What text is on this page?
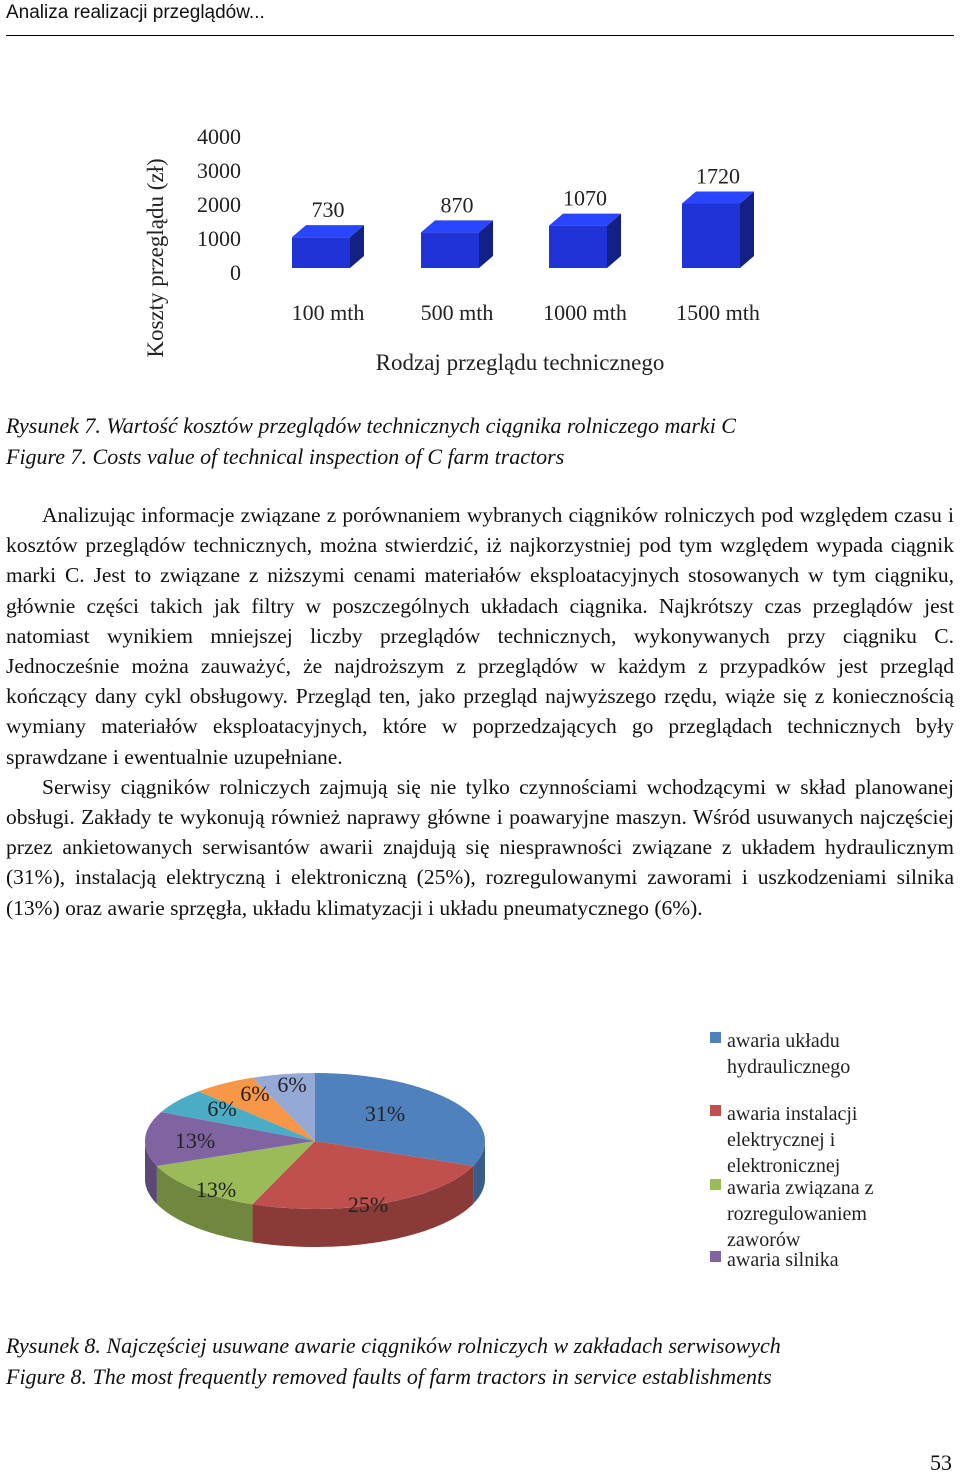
Analiza realizacji przeglądów...
Koszty przeglądu (zł)	0
1000
2000
3000
4000
730	870	1070
1720
100 mth	500 mth 1000 mth 1500 mth
Rodzaj przeglądu technicznego
Rysunek 7. Wartość kosztów przeglądów technicznych ciągnika rolniczego marki C
Figure 7. Costs value of technical inspection of C farm tractors

Analizując informacje związane z porównaniem wybranych ciągników rolniczych pod względem czasu i kosztów przeglądów technicznych, można stwierdzić, iż najkorzystniej pod tym względem wypada ciągnik marki C. Jest to związane z niższymi cenami materiałów eksploatacyjnych stosowanych w tym ciągniku, głównie części takich jak filtry w poszczególnych układach ciągnika. Najkrótszy czas przeglądów jest natomiast wynikiem mniejszej liczby przeglądów technicznych, wykonywanych przy ciągniku C. Jednocześnie można zauważyć, że najdroższym z przeglądów w każdym z przypadków jest przegląd kończący dany cykl obsługowy. Przegląd ten, jako przegląd najwyższego rzędu, wiąże się z koniecznością wymiany materiałów eksploatacyjnych, które w poprzedzających go przeglądach technicznych były sprawdzane i ewentualnie uzupełniane.

Serwisy ciągników rolniczych zajmują się nie tylko czynnościami wchodzącymi w skład planowanej obsługi. Zakłady te wykonują również naprawy główne i poawaryjne maszyn. Wśród usuwanych najczęściej przez ankietowanych serwisantów awarii znajdują się niesprawności związane z układem hydraulicznym (31%), instalacją elektryczną i elektroniczną (25%), rozregulowanymi zaworami i uszkodzeniami silnika (13%) oraz awarie sprzęgła, układu klimatyzacji i układu pneumatycznego (6%).

31%
25%
13%
13%
6%
6% 6%
awaria układu
hydraulicznego
awaria instalacji
elektrycznej i
elektronicznej
awaria związana z
rozregulowaniem
zaworów
awaria silnika
Rysunek 8. Najczęściej usuwane awarie ciągników rolniczych w zakładach serwisowych
Figure 8. The most frequently removed faults of farm tractors in service establishments
53
